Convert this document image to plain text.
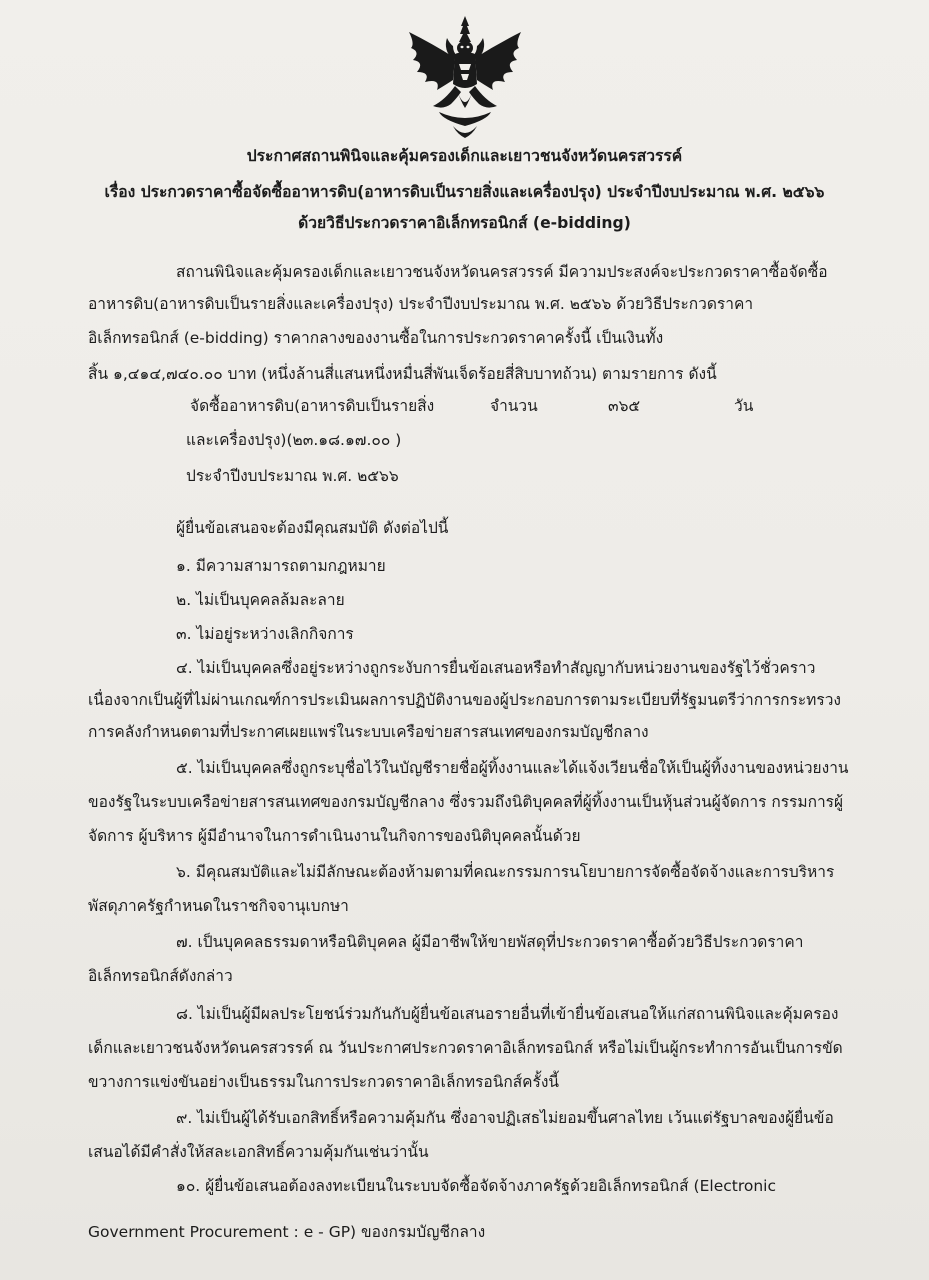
ประกาศสถานพินิจและคุ้มครองเด็กและเยาวชนจังหวัดนครสวรรค์
เรื่อง ประกวดราคาซื้อจัดซื้ออาหารดิบ(อาหารดิบเป็นรายสิ่งและเครื่องปรุง) ประจำปีงบประมาณ พ.ศ. ๒๕๖๖
ด้วยวิธีประกวดราคาอิเล็กทรอนิกส์ (e-bidding)
สถานพินิจและคุ้มครองเด็กและเยาวชนจังหวัดนครสวรรค์ มีความประสงค์จะประกวดราคาซื้อจัดซื้อ
อาหารดิบ(อาหารดิบเป็นรายสิ่งและเครื่องปรุง) ประจำปีงบประมาณ พ.ศ. ๒๕๖๖ ด้วยวิธีประกวดราคา
อิเล็กทรอนิกส์ (e-bidding) ราคากลางของงานซื้อในการประกวดราคาครั้งนี้ เป็นเงินทั้ง
สิ้น ๑,๔๑๔,๗๔๐.๐๐ บาท (หนึ่งล้านสี่แสนหนึ่งหมื่นสี่พันเจ็ดร้อยสี่สิบบาทถ้วน) ตามรายการ ดังนี้
จัดซื้ออาหารดิบ(อาหารดิบเป็นรายสิ่ง	จำนวน	๓๖๕	วัน
และเครื่องปรุง)(๒๓.๑๘.๑๗.๐๐ )
ประจำปีงบประมาณ พ.ศ. ๒๕๖๖
ผู้ยื่นข้อเสนอจะต้องมีคุณสมบัติ ดังต่อไปนี้
๑. มีความสามารถตามกฎหมาย
๒. ไม่เป็นบุคคลล้มละลาย
๓. ไม่อยู่ระหว่างเลิกกิจการ
๔. ไม่เป็นบุคคลซึ่งอยู่ระหว่างถูกระงับการยื่นข้อเสนอหรือทำสัญญากับหน่วยงานของรัฐไว้ชั่วคราว
เนื่องจากเป็นผู้ที่ไม่ผ่านเกณฑ์การประเมินผลการปฏิบัติงานของผู้ประกอบการตามระเบียบที่รัฐมนตรีว่าการกระทรวง
การคลังกำหนดตามที่ประกาศเผยแพร่ในระบบเครือข่ายสารสนเทศของกรมบัญชีกลาง
๕. ไม่เป็นบุคคลซึ่งถูกระบุชื่อไว้ในบัญชีรายชื่อผู้ทิ้งงานและได้แจ้งเวียนชื่อให้เป็นผู้ทิ้งงานของหน่วยงาน
ของรัฐในระบบเครือข่ายสารสนเทศของกรมบัญชีกลาง ซึ่งรวมถึงนิติบุคคลที่ผู้ทิ้งงานเป็นหุ้นส่วนผู้จัดการ กรรมการผู้
จัดการ ผู้บริหาร ผู้มีอำนาจในการดำเนินงานในกิจการของนิติบุคคลนั้นด้วย
๖. มีคุณสมบัติและไม่มีลักษณะต้องห้ามตามที่คณะกรรมการนโยบายการจัดซื้อจัดจ้างและการบริหาร
พัสดุภาครัฐกำหนดในราชกิจจานุเบกษา
๗. เป็นบุคคลธรรมดาหรือนิติบุคคล ผู้มีอาชีพให้ขายพัสดุที่ประกวดราคาซื้อด้วยวิธีประกวดราคา
อิเล็กทรอนิกส์ดังกล่าว
๘. ไม่เป็นผู้มีผลประโยชน์ร่วมกันกับผู้ยื่นข้อเสนอรายอื่นที่เข้ายื่นข้อเสนอให้แก่สถานพินิจและคุ้มครอง
เด็กและเยาวชนจังหวัดนครสวรรค์ ณ วันประกาศประกวดราคาอิเล็กทรอนิกส์ หรือไม่เป็นผู้กระทำการอันเป็นการขัด
ขวางการแข่งขันอย่างเป็นธรรมในการประกวดราคาอิเล็กทรอนิกส์ครั้งนี้
๙. ไม่เป็นผู้ได้รับเอกสิทธิ์หรือความคุ้มกัน ซึ่งอาจปฏิเสธไม่ยอมขึ้นศาลไทย เว้นแต่รัฐบาลของผู้ยื่นข้อ
เสนอได้มีคำสั่งให้สละเอกสิทธิ์ความคุ้มกันเช่นว่านั้น
๑๐. ผู้ยื่นข้อเสนอต้องลงทะเบียนในระบบจัดซื้อจัดจ้างภาครัฐด้วยอิเล็กทรอนิกส์ (Electronic
Government Procurement : e - GP) ของกรมบัญชีกลาง
